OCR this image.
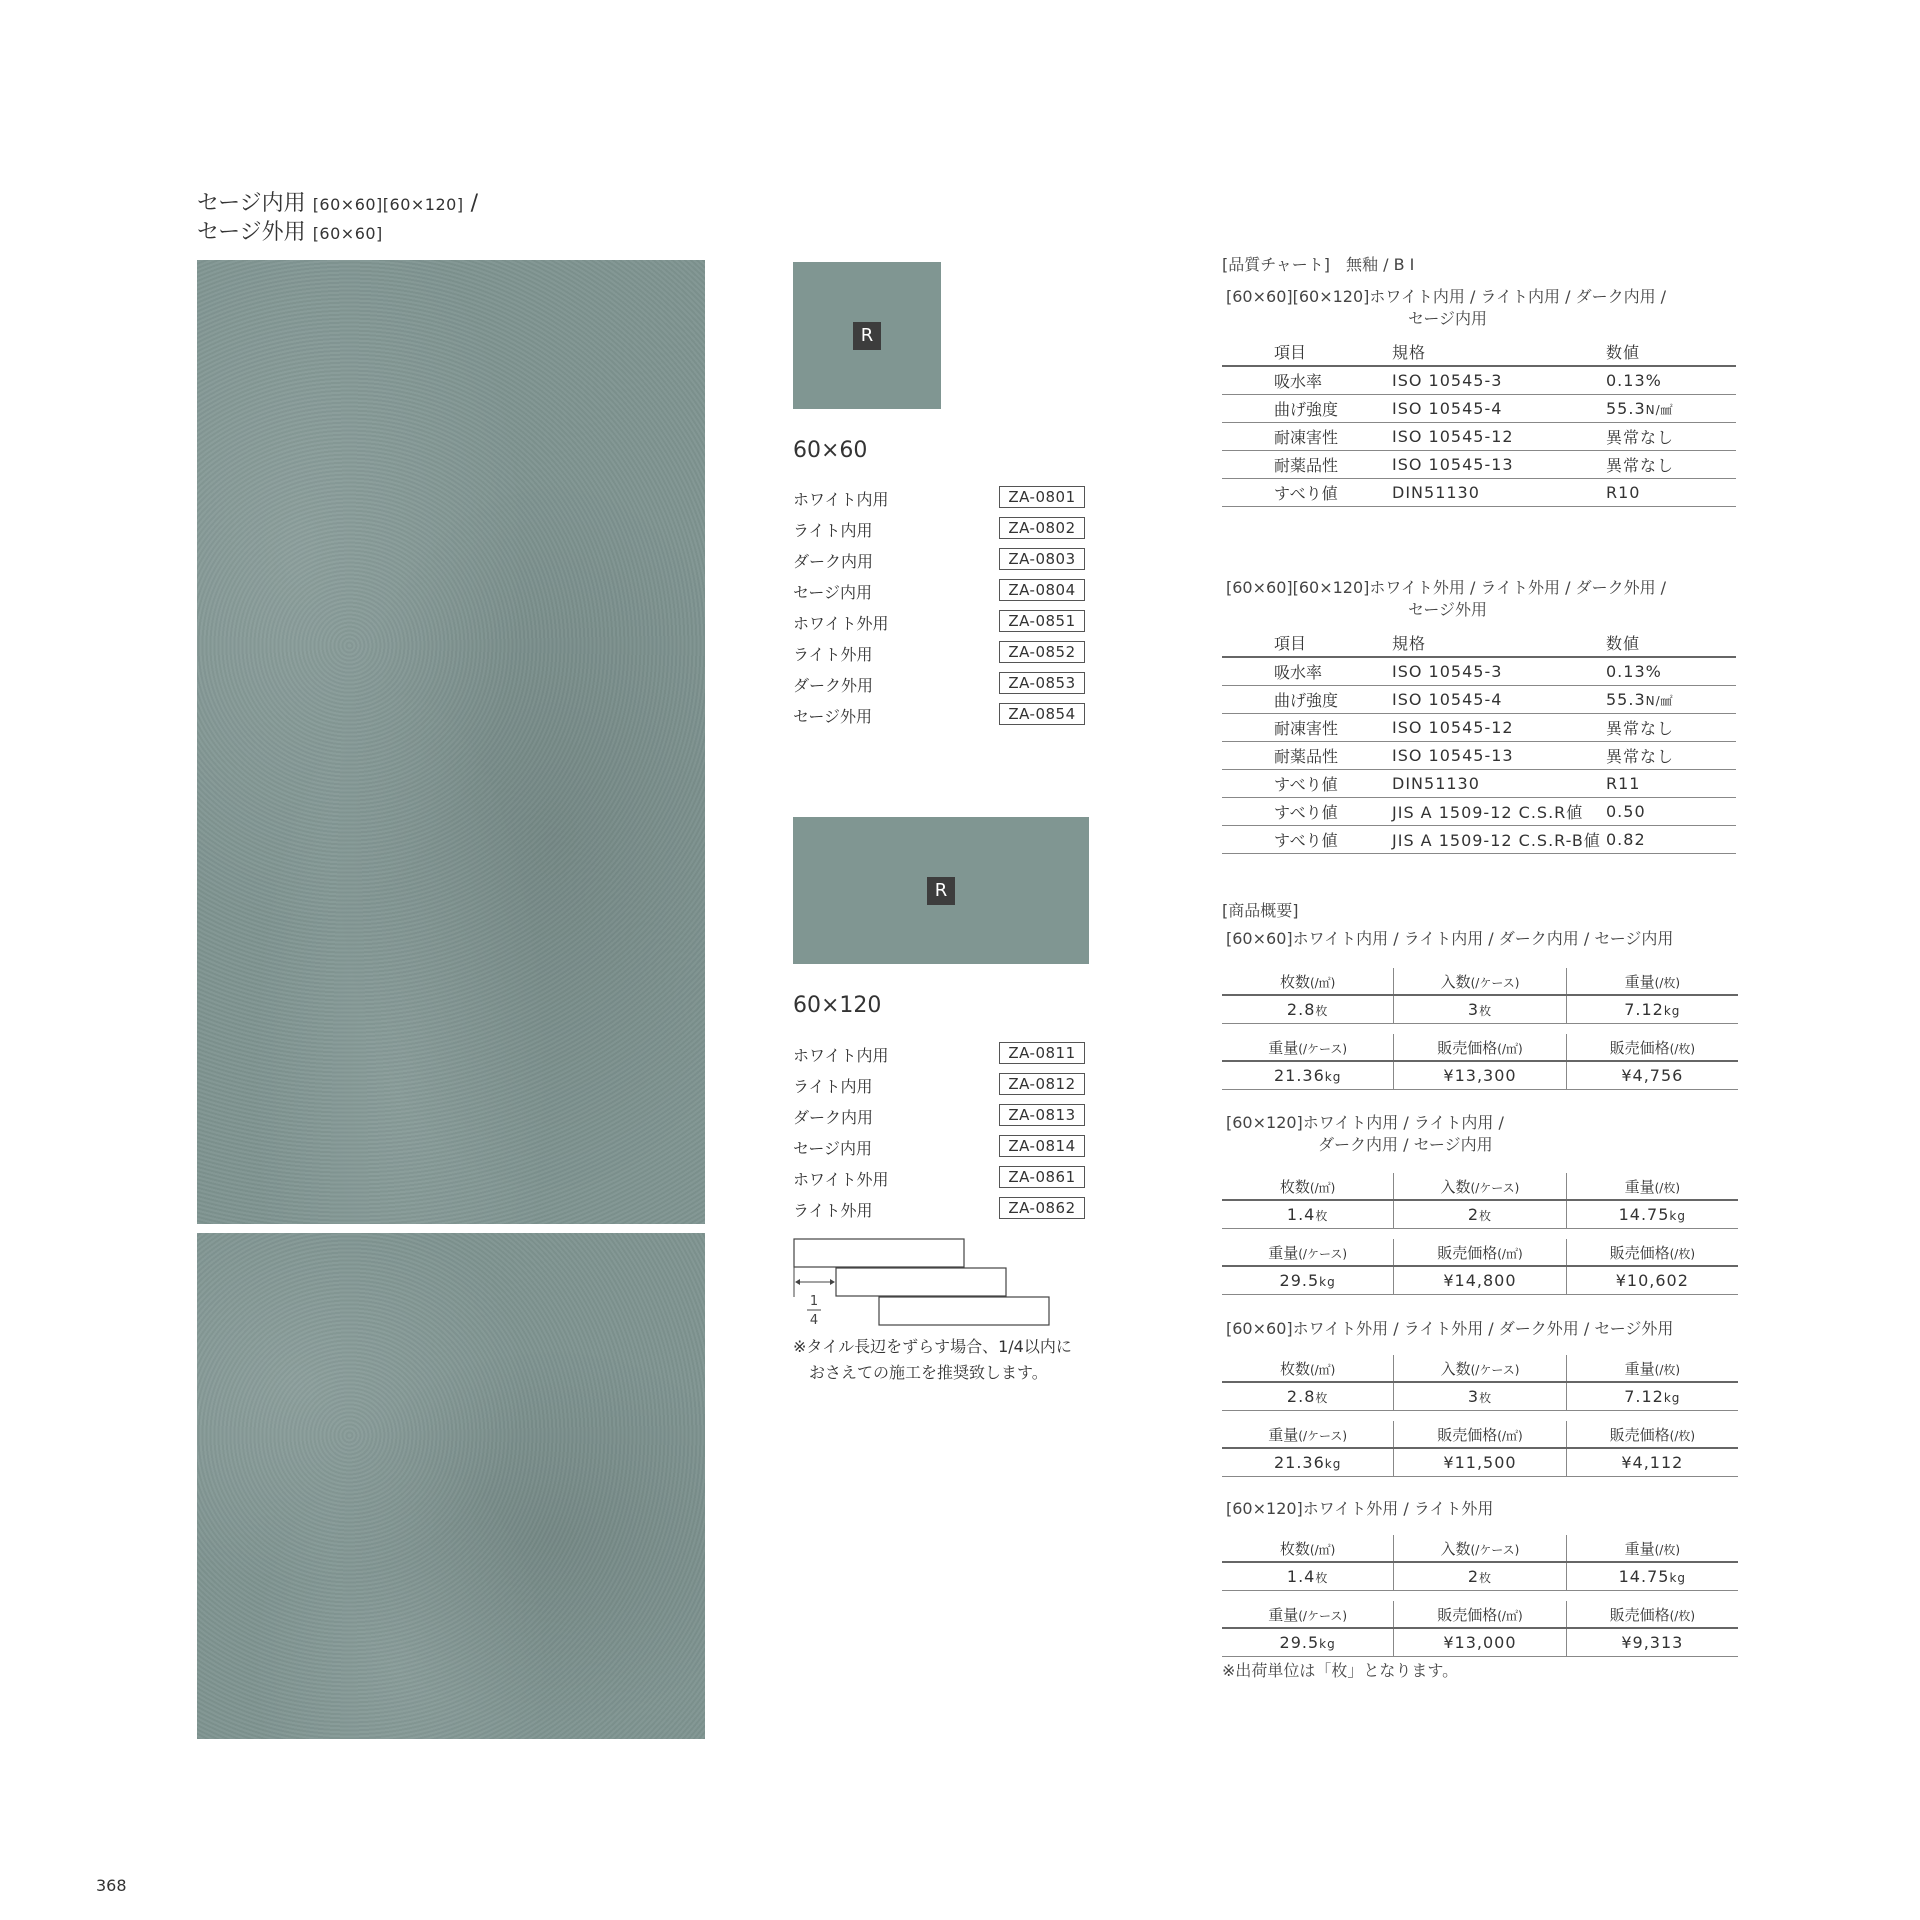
セージ内用 [60×60][60×120] /
セージ外用 [60×60]
R
60×60
ホワイト内用	ZA-0801
ライト内用	ZA-0802
ダーク内用	ZA-0803
セージ内用	ZA-0804
ホワイト外用	ZA-0851
ライト外用	ZA-0852
ダーク外用	ZA-0853
セージ外用	ZA-0854
R
60×120
ホワイト内用	ZA-0811
ライト内用	ZA-0812
ダーク内用	ZA-0813
セージ内用	ZA-0814
ホワイト外用	ZA-0861
ライト外用	ZA-0862
1
4
※タイル長辺をずらす場合、1/4以内に
おさえての施工を推奨致します。
[品質チャート]　無釉 / B I
[60×60][60×120]ホワイト内用 / ライト内用 / ダーク内用 /
セージ内用
項目	規格	数値
吸水率	ISO 10545-3	0.13%
曲げ強度	ISO 10545-4	55.3N/㎟
耐凍害性	ISO 10545-12	異常なし
耐薬品性	ISO 10545-13	異常なし
すべり値	DIN51130	R10
[60×60][60×120]ホワイト外用 / ライト外用 / ダーク外用 /
セージ外用
項目	規格	数値
吸水率	ISO 10545-3	0.13%
曲げ強度	ISO 10545-4	55.3N/㎟
耐凍害性	ISO 10545-12	異常なし
耐薬品性	ISO 10545-13	異常なし
すべり値	DIN51130	R11
すべり値	JIS A 1509-12 C.S.R値	0.50
すべり値	JIS A 1509-12 C.S.R-B値	0.82
[商品概要]
[60×60]ホワイト内用 / ライト内用 / ダーク内用 / セージ内用
枚数(/㎡)	入数(/ケース)	重量(/枚)
2.8枚	3枚	7.12kg

重量(/ケース)	販売価格(/㎡)	販売価格(/枚)
21.36kg	¥13,300	¥4,756
[60×120]ホワイト内用 / ライト内用 /
ダーク内用 / セージ内用
枚数(/㎡)	入数(/ケース)	重量(/枚)
1.4枚	2枚	14.75kg

重量(/ケース)	販売価格(/㎡)	販売価格(/枚)
29.5kg	¥14,800	¥10,602
[60×60]ホワイト外用 / ライト外用 / ダーク外用 / セージ外用
枚数(/㎡)	入数(/ケース)	重量(/枚)
2.8枚	3枚	7.12kg

重量(/ケース)	販売価格(/㎡)	販売価格(/枚)
21.36kg	¥11,500	¥4,112
[60×120]ホワイト外用 / ライト外用
枚数(/㎡)	入数(/ケース)	重量(/枚)
1.4枚	2枚	14.75kg

重量(/ケース)	販売価格(/㎡)	販売価格(/枚)
29.5kg	¥13,000	¥9,313
※出荷単位は「枚」となります。
368
